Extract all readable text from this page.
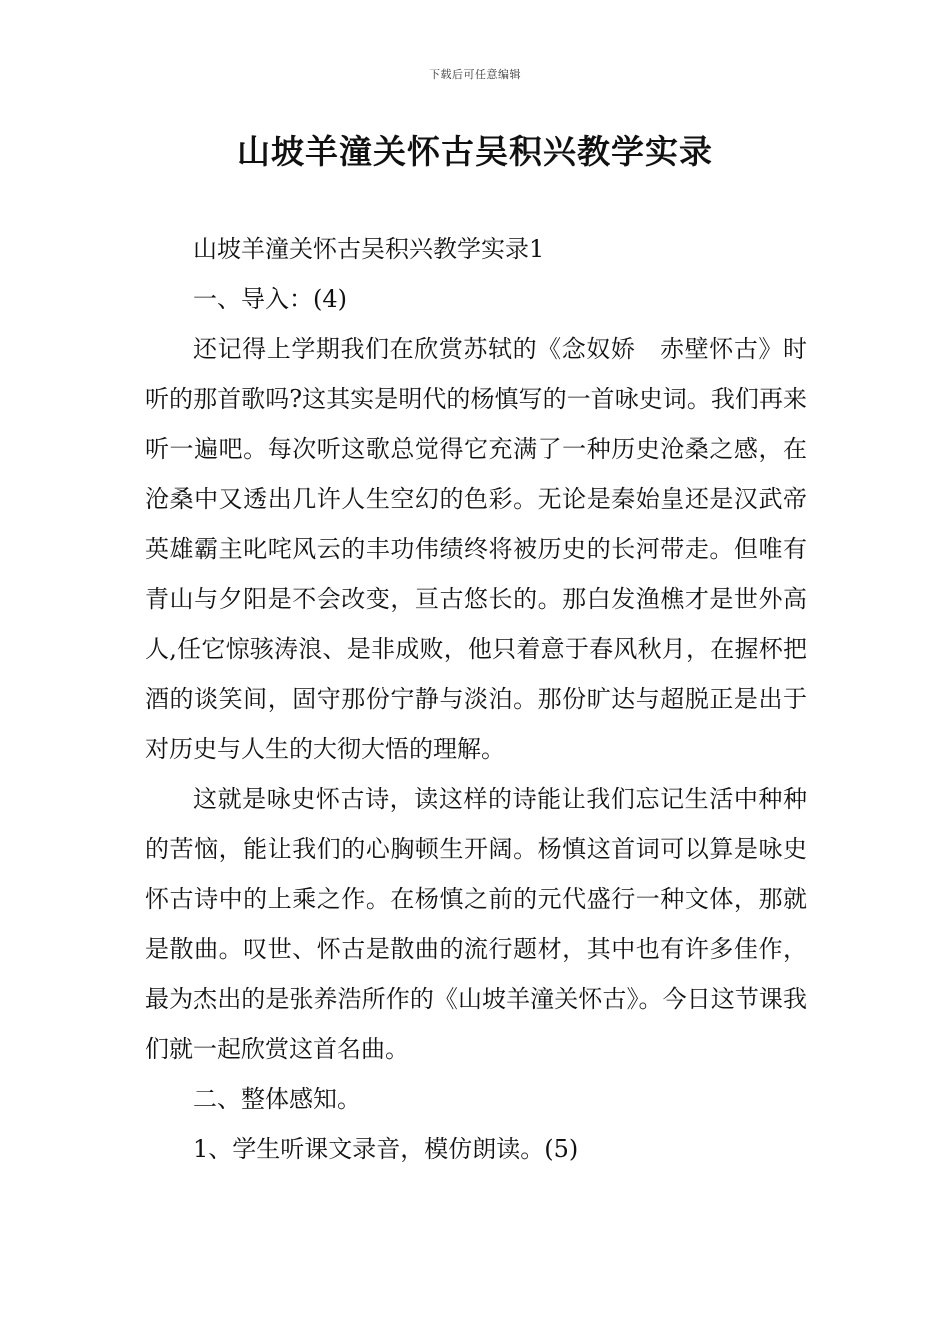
下载后可任意编辑
山坡羊潼关怀古吴积兴教学实录

山坡羊潼关怀古吴积兴教学实录1

一、导入：(4)

还记得上学期我们在欣赏苏轼的《念奴娇　赤壁怀古》时听的那首歌吗?这其实是明代的杨慎写的一首咏史词。我们再来听一遍吧。每次听这歌总觉得它充满了一种历史沧桑之感，在沧桑中又透出几许人生空幻的色彩。无论是秦始皇还是汉武帝英雄霸主叱咤风云的丰功伟绩终将被历史的长河带走。但唯有青山与夕阳是不会改变，亘古悠长的。那白发渔樵才是世外高人,任它惊骇涛浪、是非成败，他只着意于春风秋月，在握杯把酒的谈笑间，固守那份宁静与淡泊。那份旷达与超脱正是出于对历史与人生的大彻大悟的理解。

这就是咏史怀古诗，读这样的诗能让我们忘记生活中种种的苦恼，能让我们的心胸顿生开阔。杨慎这首词可以算是咏史怀古诗中的上乘之作。在杨慎之前的元代盛行一种文体，那就是散曲。叹世、怀古是散曲的流行题材，其中也有许多佳作，最为杰出的是张养浩所作的《山坡羊潼关怀古》。今日这节课我们就一起欣赏这首名曲。

二、整体感知。

1、学生听课文录音，模仿朗读。(5)
